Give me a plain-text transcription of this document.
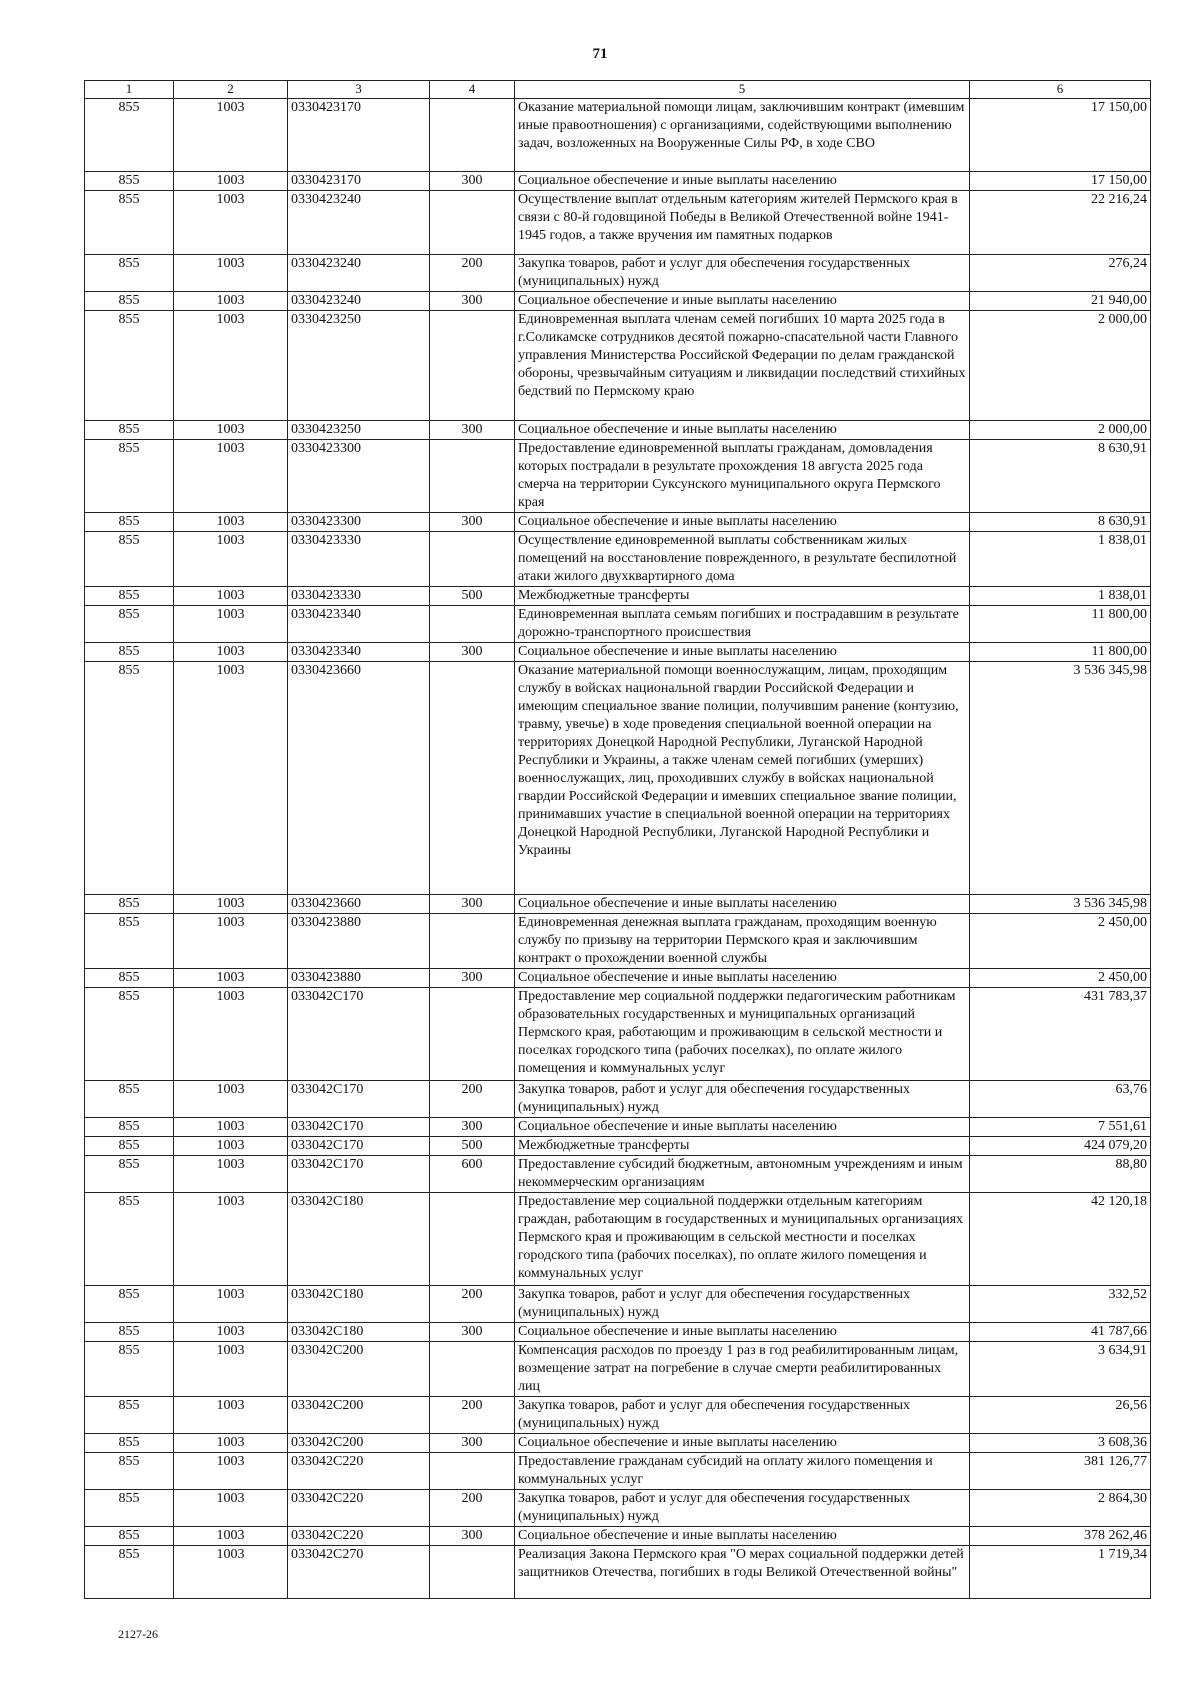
71
1	2	3	4	5	6
855	1003	0330423170		Оказание материальной помощи лицам, заключившим контракт (имевшим иные правоотношения) с организациями, содействующими выполнению задач, возложенных на Вооруженные Силы РФ, в ходе СВО	17 150,00
855	1003	0330423170	300	Социальное обеспечение и иные выплаты населению	17 150,00
855	1003	0330423240		Осуществление выплат отдельным категориям жителей Пермского края в связи с 80-й годовщиной Победы в Великой Отечественной войне 1941-1945 годов, а также вручения им памятных подарков	22 216,24
855	1003	0330423240	200	Закупка товаров, работ и услуг для обеспечения государственных (муниципальных) нужд	276,24
855	1003	0330423240	300	Социальное обеспечение и иные выплаты населению	21 940,00
855	1003	0330423250		Единовременная выплата членам семей погибших 10 марта 2025 года в г.Соликамске сотрудников десятой пожарно-спасательной части Главного управления Министерства Российской Федерации по делам гражданской обороны, чрезвычайным ситуациям и ликвидации последствий стихийных бедствий по Пермскому краю	2 000,00
855	1003	0330423250	300	Социальное обеспечение и иные выплаты населению	2 000,00
855	1003	0330423300		Предоставление единовременной выплаты гражданам, домовладения которых пострадали в результате прохождения 18 августа 2025 года смерча на территории Суксунского муниципального округа Пермского края	8 630,91
855	1003	0330423300	300	Социальное обеспечение и иные выплаты населению	8 630,91
855	1003	0330423330		Осуществление единовременной выплаты собственникам жилых помещений на восстановление поврежденного, в результате беспилотной атаки жилого двухквартирного дома	1 838,01
855	1003	0330423330	500	Межбюджетные трансферты	1 838,01
855	1003	0330423340		Единовременная выплата семьям погибших и пострадавшим в результате дорожно-транспортного происшествия	11 800,00
855	1003	0330423340	300	Социальное обеспечение и иные выплаты населению	11 800,00
855	1003	0330423660		Оказание материальной помощи военнослужащим, лицам, проходящим службу в войсках национальной гвардии Российской Федерации и имеющим специальное звание полиции, получившим ранение (контузию, травму, увечье) в ходе проведения специальной военной операции на территориях Донецкой Народной Республики, Луганской Народной Республики и Украины, а также членам семей погибших (умерших) военнослужащих, лиц, проходивших службу в войсках национальной гвардии Российской Федерации и имевших специальное звание полиции, принимавших участие в специальной военной операции на территориях Донецкой Народной Республики, Луганской Народной Республики и Украины	3 536 345,98
855	1003	0330423660	300	Социальное обеспечение и иные выплаты населению	3 536 345,98
855	1003	0330423880		Единовременная денежная выплата гражданам, проходящим военную службу по призыву на территории Пермского края и заключившим контракт о прохождении военной службы	2 450,00
855	1003	0330423880	300	Социальное обеспечение и иные выплаты населению	2 450,00
855	1003	033042С170		Предоставление мер социальной поддержки педагогическим работникам образовательных государственных и муниципальных организаций Пермского края, работающим и проживающим в сельской местности и поселках городского типа (рабочих поселках), по оплате жилого помещения и коммунальных услуг	431 783,37
855	1003	033042С170	200	Закупка товаров, работ и услуг для обеспечения государственных (муниципальных) нужд	63,76
855	1003	033042С170	300	Социальное обеспечение и иные выплаты населению	7 551,61
855	1003	033042С170	500	Межбюджетные трансферты	424 079,20
855	1003	033042С170	600	Предоставление субсидий бюджетным, автономным учреждениям и иным некоммерческим организациям	88,80
855	1003	033042С180		Предоставление мер социальной поддержки отдельным категориям граждан, работающим в государственных и муниципальных организациях Пермского края и проживающим в сельской местности и поселках городского типа (рабочих поселках), по оплате жилого помещения и коммунальных услуг	42 120,18
855	1003	033042С180	200	Закупка товаров, работ и услуг для обеспечения государственных (муниципальных) нужд	332,52
855	1003	033042С180	300	Социальное обеспечение и иные выплаты населению	41 787,66
855	1003	033042С200		Компенсация расходов по проезду 1 раз в год реабилитированным лицам, возмещение затрат на погребение в случае смерти реабилитированных лиц	3 634,91
855	1003	033042С200	200	Закупка товаров, работ и услуг для обеспечения государственных (муниципальных) нужд	26,56
855	1003	033042С200	300	Социальное обеспечение и иные выплаты населению	3 608,36
855	1003	033042С220		Предоставление гражданам субсидий на оплату жилого помещения и коммунальных услуг	381 126,77
855	1003	033042С220	200	Закупка товаров, работ и услуг для обеспечения государственных (муниципальных) нужд	2 864,30
855	1003	033042С220	300	Социальное обеспечение и иные выплаты населению	378 262,46
855	1003	033042С270		Реализация Закона Пермского края "О мерах социальной поддержки детей защитников Отечества, погибших в годы Великой Отечественной войны"	1 719,34
2127-26
